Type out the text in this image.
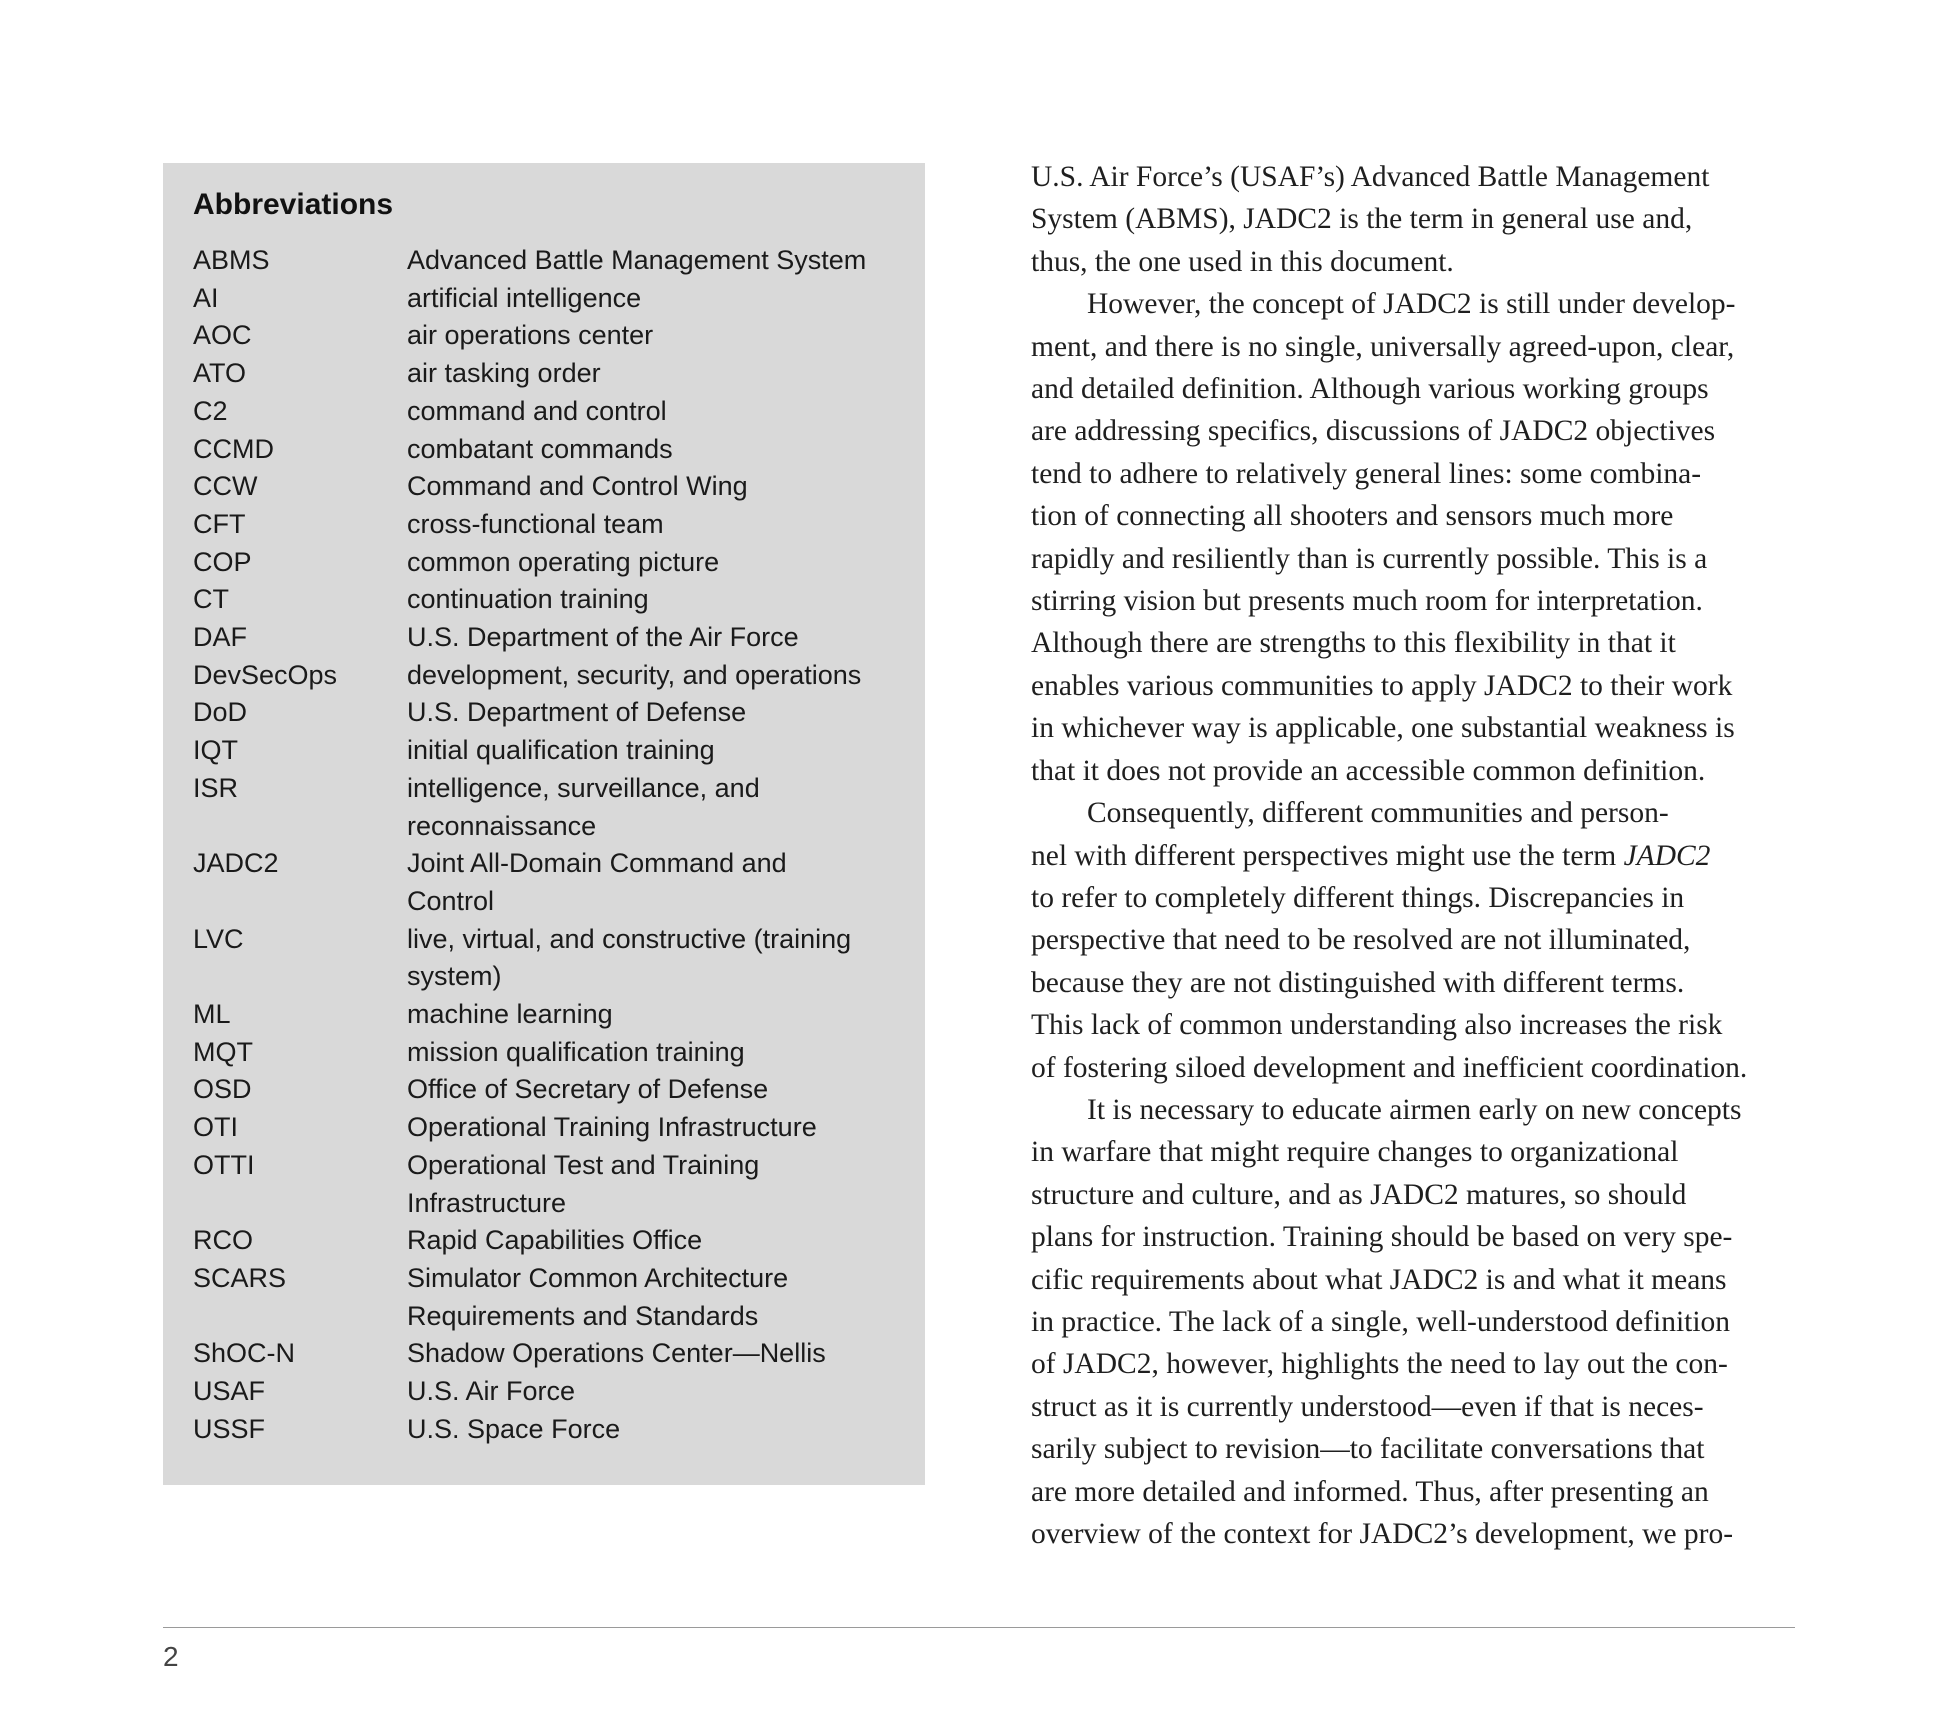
Abbreviations
ABMS	Advanced Battle Management System
AI	artificial intelligence
AOC	air operations center
ATO	air tasking order
C2	command and control
CCMD	combatant commands
CCW	Command and Control Wing
CFT	cross-functional team
COP	common operating picture
CT	continuation training
DAF	U.S. Department of the Air Force
DevSecOps	development, security, and operations
DoD	U.S. Department of Defense
IQT	initial qualification training
ISR	intelligence, surveillance, and
reconnaissance
JADC2	Joint All-Domain Command and
Control
LVC	live, virtual, and constructive (training
system)
ML	machine learning
MQT	mission qualification training
OSD	Office of Secretary of Defense
OTI	Operational Training Infrastructure
OTTI	Operational Test and Training
Infrastructure
RCO	Rapid Capabilities Office
SCARS	Simulator Common Architecture
Requirements and Standards
ShOC-N	Shadow Operations Center—Nellis
USAF	U.S. Air Force
USSF	U.S. Space Force

U.S. Air Force’s (USAF’s) Advanced Battle Management
System (ABMS), JADC2 is the term in general use and,
thus, the one used in this document.

However, the concept of JADC2 is still under develop-
ment, and there is no single, universally agreed-upon, clear,
and detailed definition. Although various working groups
are addressing specifics, discussions of JADC2 objectives
tend to adhere to relatively general lines: some combina-
tion of connecting all shooters and sensors much more
rapidly and resiliently than is currently possible. This is a
stirring vision but presents much room for interpretation.
Although there are strengths to this flexibility in that it
enables various communities to apply JADC2 to their work
in whichever way is applicable, one substantial weakness is
that it does not provide an accessible common definition.

Consequently, different communities and person-
nel with different perspectives might use the term JADC2
to refer to completely different things. Discrepancies in
perspective that need to be resolved are not illuminated,
because they are not distinguished with different terms.
This lack of common understanding also increases the risk
of fostering siloed development and inefficient coordination.

It is necessary to educate airmen early on new concepts
in warfare that might require changes to organizational
structure and culture, and as JADC2 matures, so should
plans for instruction. Training should be based on very spe-
cific requirements about what JADC2 is and what it means
in practice. The lack of a single, well-understood definition
of JADC2, however, highlights the need to lay out the con-
struct as it is currently understood—even if that is neces-
sarily subject to revision—to facilitate conversations that
are more detailed and informed. Thus, after presenting an
overview of the context for JADC2’s development, we pro-

2
